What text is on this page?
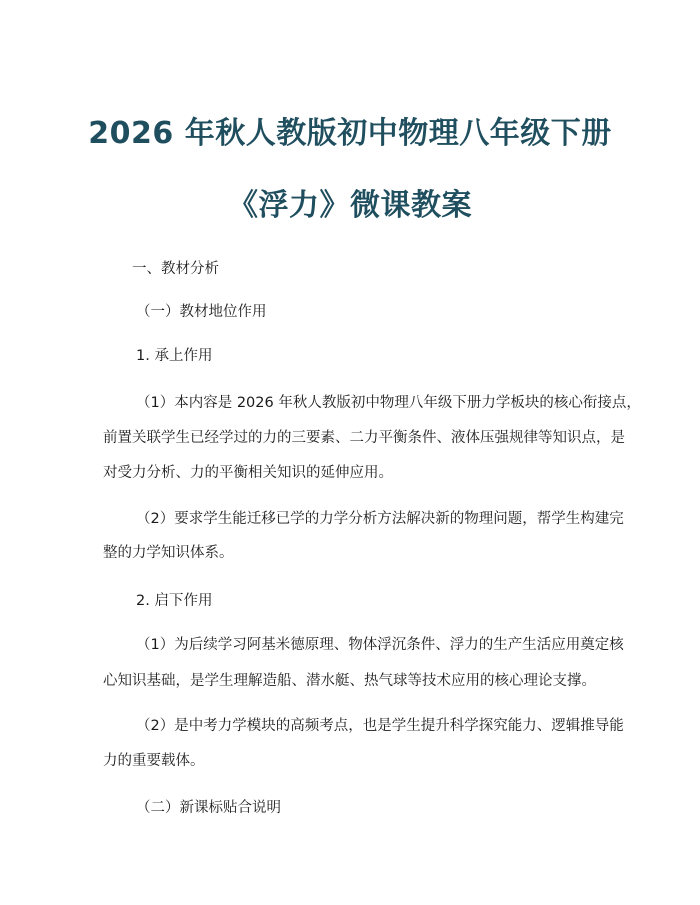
2026 年秋人教版初中物理八年级下册
《浮力》微课教案
一、教材分析
（一）教材地位作用
1. 承上作用
（1）本内容是 2026 年秋人教版初中物理八年级下册力学板块的核心衔接点，
前置关联学生已经学过的力的三要素、二力平衡条件、液体压强规律等知识点，是
对受力分析、力的平衡相关知识的延伸应用。
（2）要求学生能迁移已学的力学分析方法解决新的物理问题，帮学生构建完
整的力学知识体系。
2. 启下作用
（1）为后续学习阿基米德原理、物体浮沉条件、浮力的生产生活应用奠定核
心知识基础，是学生理解造船、潜水艇、热气球等技术应用的核心理论支撑。
（2）是中考力学模块的高频考点，也是学生提升科学探究能力、逻辑推导能
力的重要载体。
（二）新课标贴合说明
